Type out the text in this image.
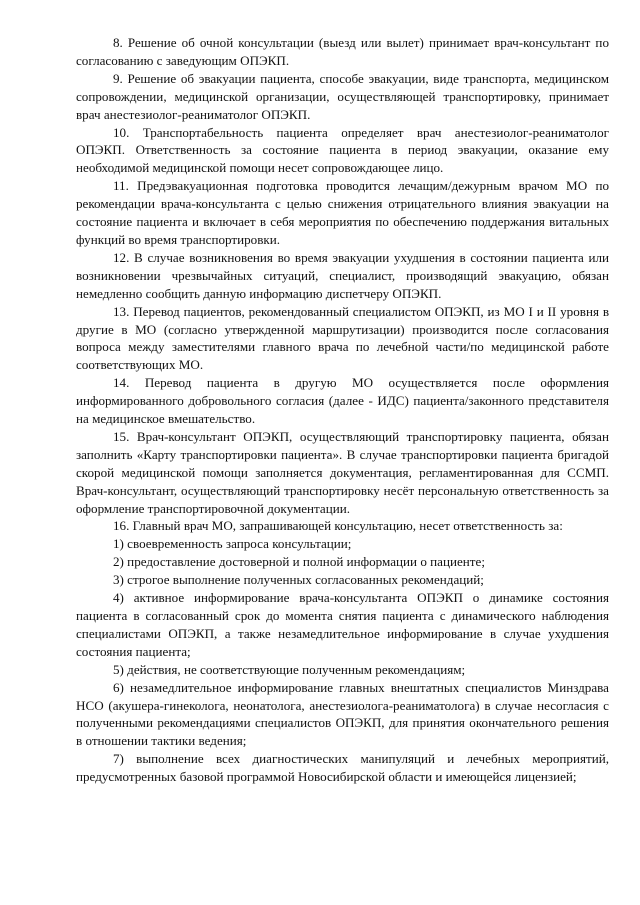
8. Решение об очной консультации (выезд или вылет) принимает врач-консультант по согласованию с заведующим ОПЭКП.

9. Решение об эвакуации пациента, способе эвакуации, виде транспорта, медицинском сопровождении, медицинской организации, осуществляющей транспортировку, принимает врач анестезиолог-реаниматолог ОПЭКП.

10. Транспортабельность пациента определяет врач анестезиолог-реаниматолог ОПЭКП. Ответственность за состояние пациента в период эвакуации, оказание ему необходимой медицинской помощи несет сопровождающее лицо.

11. Предэвакуационная подготовка проводится лечащим/дежурным врачом МО по рекомендации врача-консультанта с целью снижения отрицательного влияния эвакуации на состояние пациента и включает в себя мероприятия по обеспечению поддержания витальных функций во время транспортировки.

12. В случае возникновения во время эвакуации ухудшения в состоянии пациента или возникновении чрезвычайных ситуаций, специалист, производящий эвакуацию, обязан немедленно сообщить данную информацию диспетчеру ОПЭКП.

13. Перевод пациентов, рекомендованный специалистом ОПЭКП, из МО I и II уровня в другие в МО (согласно утвержденной маршрутизации) производится после согласования вопроса между заместителями главного врача по лечебной части/по медицинской работе соответствующих МО.

14. Перевод пациента в другую МО осуществляется после оформления информированного добровольного согласия (далее - ИДС) пациента/законного представителя на медицинское вмешательство.

15. Врач-консультант ОПЭКП, осуществляющий транспортировку пациента, обязан заполнить «Карту транспортировки пациента». В случае транспортировки пациента бригадой скорой медицинской помощи заполняется документация, регламентированная для ССМП. Врач-консультант, осуществляющий транспортировку несёт персональную ответственность за оформление транспортировочной документации.

16. Главный врач МО, запрашивающей консультацию, несет ответственность за:

1) своевременность запроса консультации;

2) предоставление достоверной и полной информации о пациенте;

3) строгое выполнение полученных согласованных рекомендаций;

4) активное информирование врача-консультанта ОПЭКП о динамике состояния пациента в согласованный срок до момента снятия пациента с динамического наблюдения специалистами ОПЭКП, а также незамедлительное информирование в случае ухудшения состояния пациента;

5) действия, не соответствующие полученным рекомендациям;

6) незамедлительное информирование главных внештатных специалистов Минздрава НСО (акушера-гинеколога, неонатолога, анестезиолога-реаниматолога) в случае несогласия с полученными рекомендациями специалистов ОПЭКП, для принятия окончательного решения в отношении тактики ведения;

7) выполнение всех диагностических манипуляций и лечебных мероприятий, предусмотренных базовой программой Новосибирской области и имеющейся лицензией;
